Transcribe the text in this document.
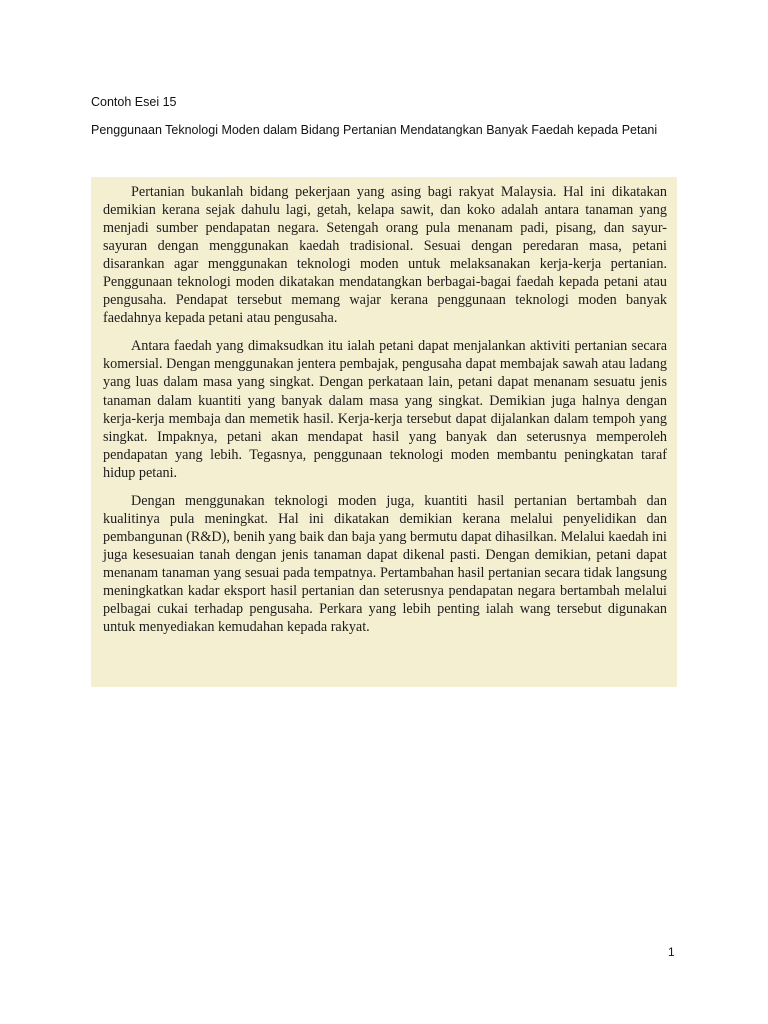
Contoh Esei 15
Penggunaan Teknologi Moden dalam Bidang Pertanian Mendatangkan Banyak Faedah kepada Petani

Pertanian bukanlah bidang pekerjaan yang asing bagi rakyat Malaysia. Hal ini dikatakan demikian kerana sejak dahulu lagi, getah, kelapa sawit, dan koko adalah antara tanaman yang menjadi sumber pendapatan negara. Setengah orang pula menanam padi, pisang, dan sayur-sayuran dengan menggunakan kaedah tradisional. Sesuai dengan peredaran masa, petani disarankan agar menggunakan teknologi moden untuk melaksanakan kerja-kerja pertanian. Penggunaan teknologi moden dikatakan mendatangkan berbagai-bagai faedah kepada petani atau pengusaha. Pendapat tersebut memang wajar kerana penggunaan teknologi moden banyak faedahnya kepada petani atau pengusaha.

Antara faedah yang dimaksudkan itu ialah petani dapat menjalankan aktiviti pertanian secara komersial. Dengan menggunakan jentera pembajak, pengusaha dapat membajak sawah atau ladang yang luas dalam masa yang singkat. Dengan perkataan lain, petani dapat menanam sesuatu jenis tanaman dalam kuantiti yang banyak dalam masa yang singkat. Demikian juga halnya dengan kerja-kerja membaja dan memetik hasil. Kerja-kerja tersebut dapat dijalankan dalam tempoh yang singkat. Impaknya, petani akan mendapat hasil yang banyak dan seterusnya memperoleh pendapatan yang lebih. Tegasnya, penggunaan teknologi moden membantu peningkatan taraf hidup petani.

Dengan menggunakan teknologi moden juga, kuantiti hasil pertanian bertambah dan kualitinya pula meningkat. Hal ini dikatakan demikian kerana melalui penyelidikan dan pembangunan (R&D), benih yang baik dan baja yang bermutu dapat dihasilkan. Melalui kaedah ini juga kesesuaian tanah dengan jenis tanaman dapat dikenal pasti. Dengan demikian, petani dapat menanam tanaman yang sesuai pada tempatnya. Pertambahan hasil pertanian secara tidak langsung meningkatkan kadar eksport hasil pertanian dan seterusnya pendapatan negara bertambah melalui pelbagai cukai terhadap pengusaha. Perkara yang lebih penting ialah wang tersebut digunakan untuk menyediakan kemudahan kepada rakyat.

1
